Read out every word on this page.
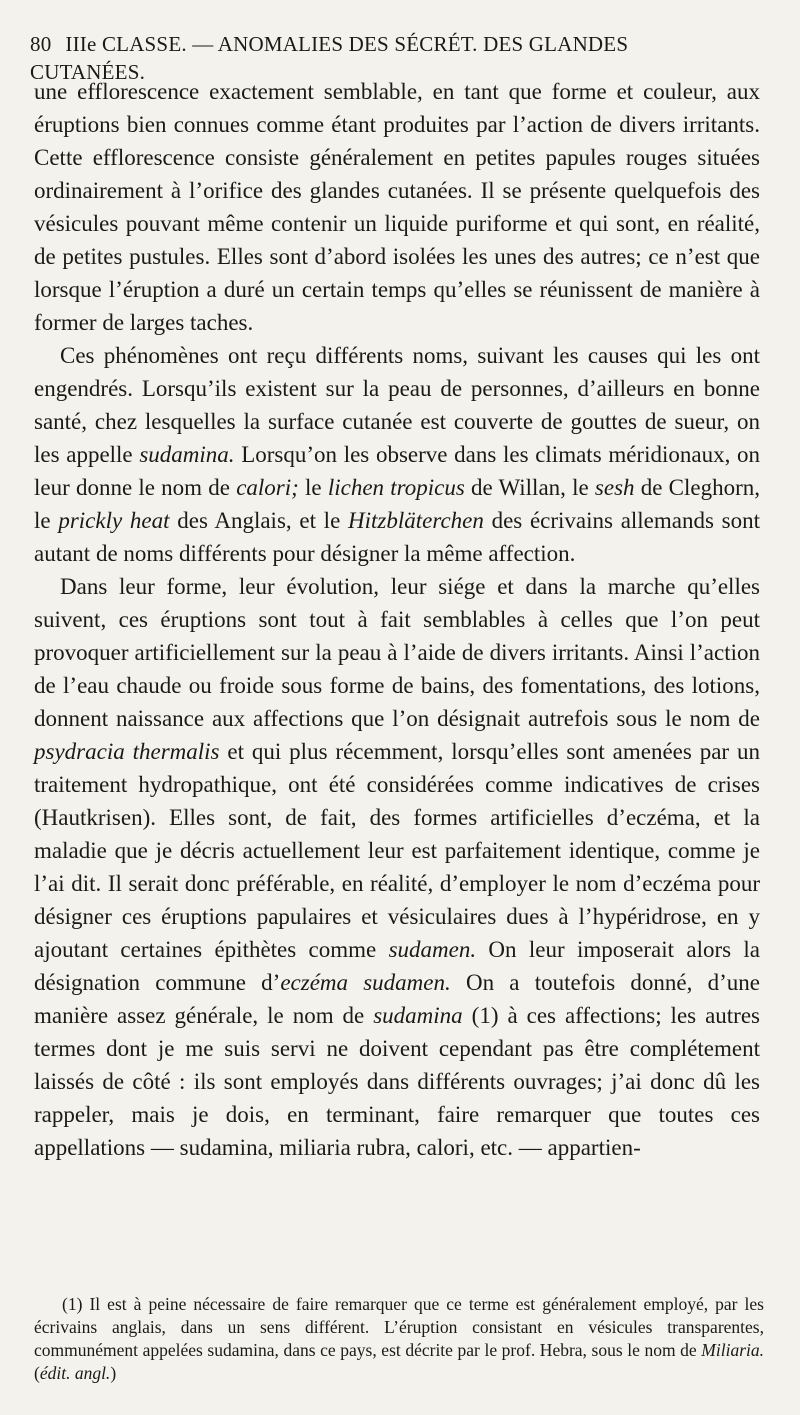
80 IIIe CLASSE. — ANOMALIES DES SÉCRÉT. DES GLANDES CUTANÉES.

une efflorescence exactement semblable, en tant que forme et couleur, aux éruptions bien connues comme étant produites par l’action de divers irritants. Cette efflorescence consiste généralement en petites papules rouges situées ordinairement à l’orifice des glandes cutanées. Il se présente quelquefois des vésicules pouvant même contenir un liquide puriforme et qui sont, en réalité, de petites pustules. Elles sont d’abord isolées les unes des autres; ce n’est que lorsque l’éruption a duré un certain temps qu’elles se réunissent de manière à former de larges taches.

Ces phénomènes ont reçu différents noms, suivant les causes qui les ont engendrés. Lorsqu’ils existent sur la peau de personnes, d’ailleurs en bonne santé, chez lesquelles la surface cutanée est couverte de gouttes de sueur, on les appelle sudamina. Lorsqu’on les observe dans les climats méridionaux, on leur donne le nom de calori; le lichen tropicus de Willan, le sesh de Cleghorn, le prickly heat des Anglais, et le Hitzbläterchen des écrivains allemands sont autant de noms différents pour désigner la même affection.

Dans leur forme, leur évolution, leur siége et dans la marche qu’elles suivent, ces éruptions sont tout à fait semblables à celles que l’on peut provoquer artificiellement sur la peau à l’aide de divers irritants. Ainsi l’action de l’eau chaude ou froide sous forme de bains, des fomentations, des lotions, donnent naissance aux affections que l’on désignait autrefois sous le nom de psydracia thermalis et qui plus récemment, lorsqu’elles sont amenées par un traitement hydropathique, ont été considérées comme indicatives de crises (Hautkrisen). Elles sont, de fait, des formes artificielles d’eczéma, et la maladie que je décris actuellement leur est parfaitement identique, comme je l’ai dit. Il serait donc préférable, en réalité, d’employer le nom d’eczéma pour désigner ces éruptions papulaires et vésiculaires dues à l’hypéridrose, en y ajoutant certaines épithètes comme sudamen. On leur imposerait alors la désignation commune d’eczéma sudamen. On a toutefois donné, d’une manière assez générale, le nom de sudamina (1) à ces affections; les autres termes dont je me suis servi ne doivent cependant pas être complétement laissés de côté : ils sont employés dans différents ouvrages; j’ai donc dû les rappeler, mais je dois, en terminant, faire remarquer que toutes ces appellations — sudamina, miliaria rubra, calori, etc. — appartien-

(1) Il est à peine nécessaire de faire remarquer que ce terme est généralement employé, par les écrivains anglais, dans un sens différent. L’éruption consistant en vésicules transparentes, communément appelées sudamina, dans ce pays, est décrite par le prof. Hebra, sous le nom de Miliaria. (édit. angl.)
